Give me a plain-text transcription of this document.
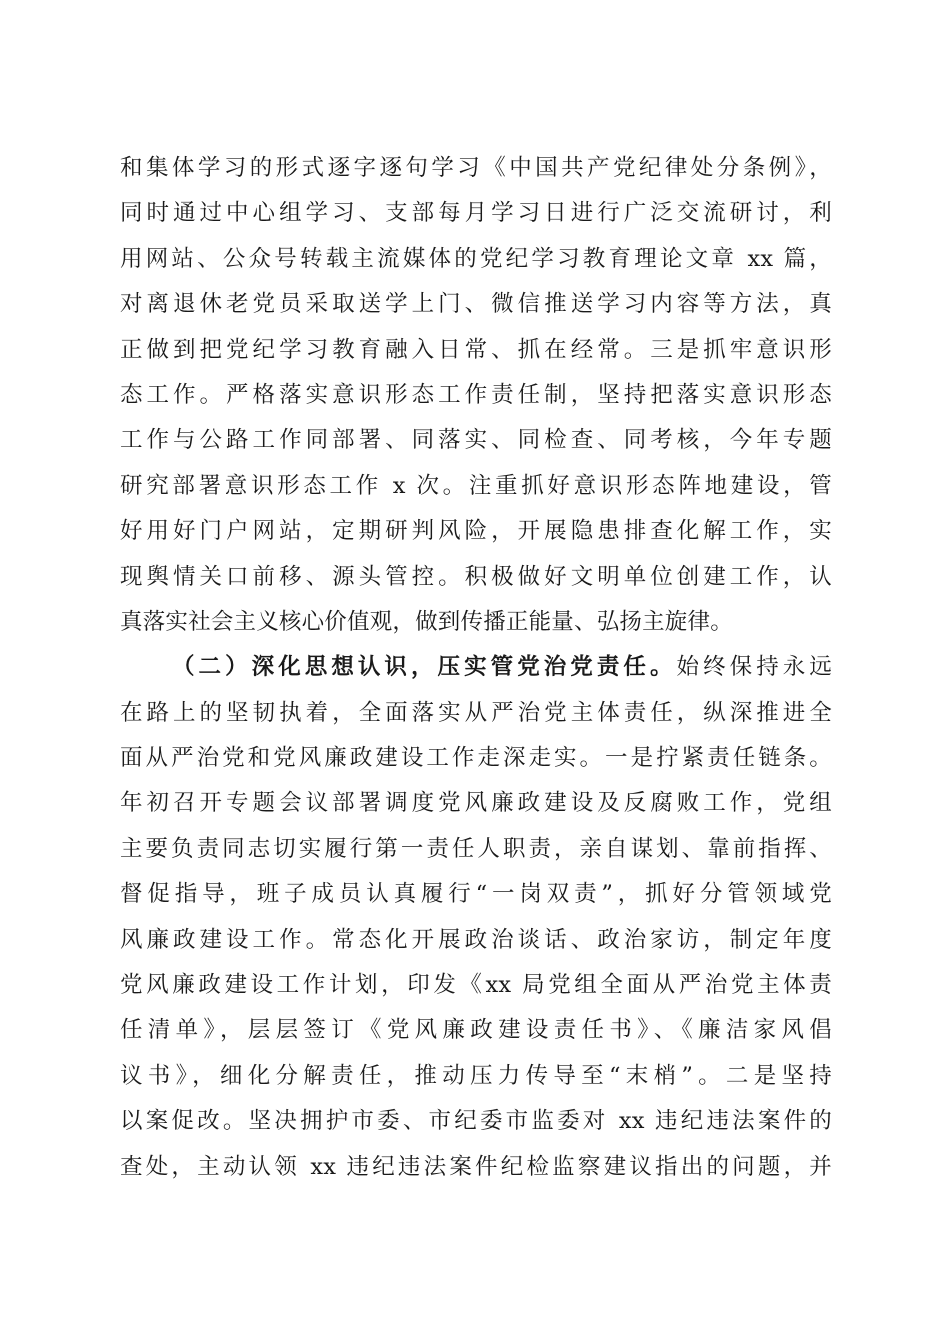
和集体学习的形式逐字逐句学习《中国共产党纪律处分条例》，
同时通过中心组学习、支部每月学习日进行广泛交流研讨，利
用网站、公众号转载主流媒体的党纪学习教育理论文章 xx 篇，
对离退休老党员采取送学上门、微信推送学习内容等方法，真
正做到把党纪学习教育融入日常、抓在经常。三是抓牢意识形
态工作。严格落实意识形态工作责任制，坚持把落实意识形态
工作与公路工作同部署、同落实、同检查、同考核，今年专题
研究部署意识形态工作 x 次。注重抓好意识形态阵地建设，管
好用好门户网站，定期研判风险，开展隐患排查化解工作，实
现舆情关口前移、源头管控。积极做好文明单位创建工作，认
真落实社会主义核心价值观，做到传播正能量、弘扬主旋律。
（二）深化思想认识，压实管党治党责任。始终保持永远
在路上的坚韧执着，全面落实从严治党主体责任，纵深推进全
面从严治党和党风廉政建设工作走深走实。一是拧紧责任链条。
年初召开专题会议部署调度党风廉政建设及反腐败工作，党组
主要负责同志切实履行第一责任人职责，亲自谋划、靠前指挥、
督促指导，班子成员认真履行“一岗双责”，抓好分管领域党
风廉政建设工作。常态化开展政治谈话、政治家访，制定年度
党风廉政建设工作计划，印发《xx 局党组全面从严治党主体责
任清单》，层层签订《党风廉政建设责任书》、《廉洁家风倡
议书》，细化分解责任，推动压力传导至“末梢”。二是坚持
以案促改。坚决拥护市委、市纪委市监委对 xx 违纪违法案件的
查处，主动认领 xx 违纪违法案件纪检监察建议指出的问题，并
